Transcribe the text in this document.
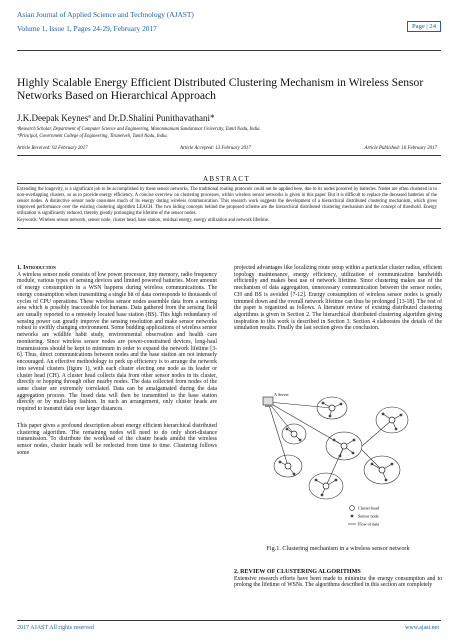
Asian Journal of Applied Science and Technology (AJAST)
Volume 1, Issue 1, Pages 24-29, February 2017	Page | 24
Highly Scalable Energy Efficient Distributed Clustering Mechanism in Wireless Sensor Networks Based on Hierarchical Approach
J.K.Deepak Keynesª and Dr.D.Shalini Punithavathani*
ªResearch Scholar, Department of Computer Science and Engineering, Manonmaniam Sundaranar University, Tamil Nadu, India.
*Principal, Government College of Engineering, Tirunelveli, Tamil Nadu, India.
Article Received: 02 February 2017	Article Accepted: 13 February 2017	Article Published: 16 February 2017
ABSTRACT
Extending the longevity, is a significant job to be accomplished by these sensor networks. The traditional routing protocols could not be applied here, due to its nodes powered by batteries. Nodes are often clustered in to non-overlapping clusters, so as to provide energy efficiency. A concise overview on clustering processes, within wireless sensor networks is given in this paper. But it is difficult to replace the deceased batteries of the sensor nodes. A distinctive sensor node consumes much of its energy during wireless communication. This research work suggests the development of a hierarchical distributed clustering mechanism, which gives improved performance over the existing clustering algorithm LEACH. The two hiding concepts behind the proposed scheme are the hierarchical distributed clustering mechanism and the concept of threshold. Energy utilization is significantly reduced, thereby greatly prolonging the lifetime of the sensor nodes.
Keywords: Wireless sensor network, sensor node, cluster head, base station, residual energy, energy utilization and network lifetime.
1. Introduction
A wireless sensor node consists of low power processor, tiny memory, radio frequency module, various types of sensing devices and limited powered batteries. More amount of energy consumption in a WSN happens during wireless communications. The energy consumption when transmitting a single bit of data corresponds to thousands of cycles of CPU operations. These wireless sensor nodes assemble data from a sensing area which is possibly inaccessible for humans. Data gathered from the sensing field are usually reported to a remotely located base station (BS). This high redundancy of sensing power can greatly improve the sensing resolution and make sensor networks robust to swiftly changing environment. Some budding applications of wireless sensor networks are wildlife habit study, environmental observation and health care monitoring. Since wireless sensor nodes are power-constrained devices, long-haul transmissions should be kept to minimum in order to expand the network lifetime [3-6]. Thus, direct communications between nodes and the base station are not intensely encouraged. An effective methodology to perk up efficiency is to arrange the network into several clusters (figure 1), with each cluster electing one node as its leader or cluster head (CH). A cluster head collects data from other sensor nodes in its cluster, directly or hopping through other nearby nodes. The data collected from nodes of the same cluster are extremely correlated. Data can be amalgamated during the data aggregation process. The fused data will then be transmitted to the base station directly or by multi-hop fashion. In such an arrangement, only cluster heads are required to transmit data over larger distances.
This paper gives a profound description about energy efficient hierarchical distributed clustering algorithm. The remaining nodes will need to do only short-distance transmission. To distribute the workload of the cluster heads amidst the wireless sensor nodes, cluster heads will be reelected from time to time. Clustering follows some
projected advantages like localizing route setup within a particular cluster radius, efficient topology maintenance, energy efficiency, utilization of communication bandwidth efficiently and makes best use of network lifetime. Since clustering makes use of the mechanism of data aggregation, unnecessary communication between the sensor nodes, CH and BS is avoided [7-12]. Energy consumption of wireless sensor nodes is greatly trimmed down and the overall network lifetime can thus be prolonged [13-18]. The rest of the paper is organized as follows. A literature review of existing distributed clustering algorithms is given in Section 2. The hierarchical distributed clustering algorithm giving inspiration to this work is described in Section 3. Section 4 elaborates the details of the simulation results. Finally the last section gives the conclusion.
A Server
Cluster head
Sensor node
Flow of data
Fig.1. Clustering mechanism in a wireless sensor network
2. REVIEW OF CLUSTERING ALGORITHMS
Extensive research efforts have been made to minimize the energy consumption and to prolong the lifetime of WSNs. The algorithms described in this section are completely
2017 AJAST All rights reserved	www.ajast.net
